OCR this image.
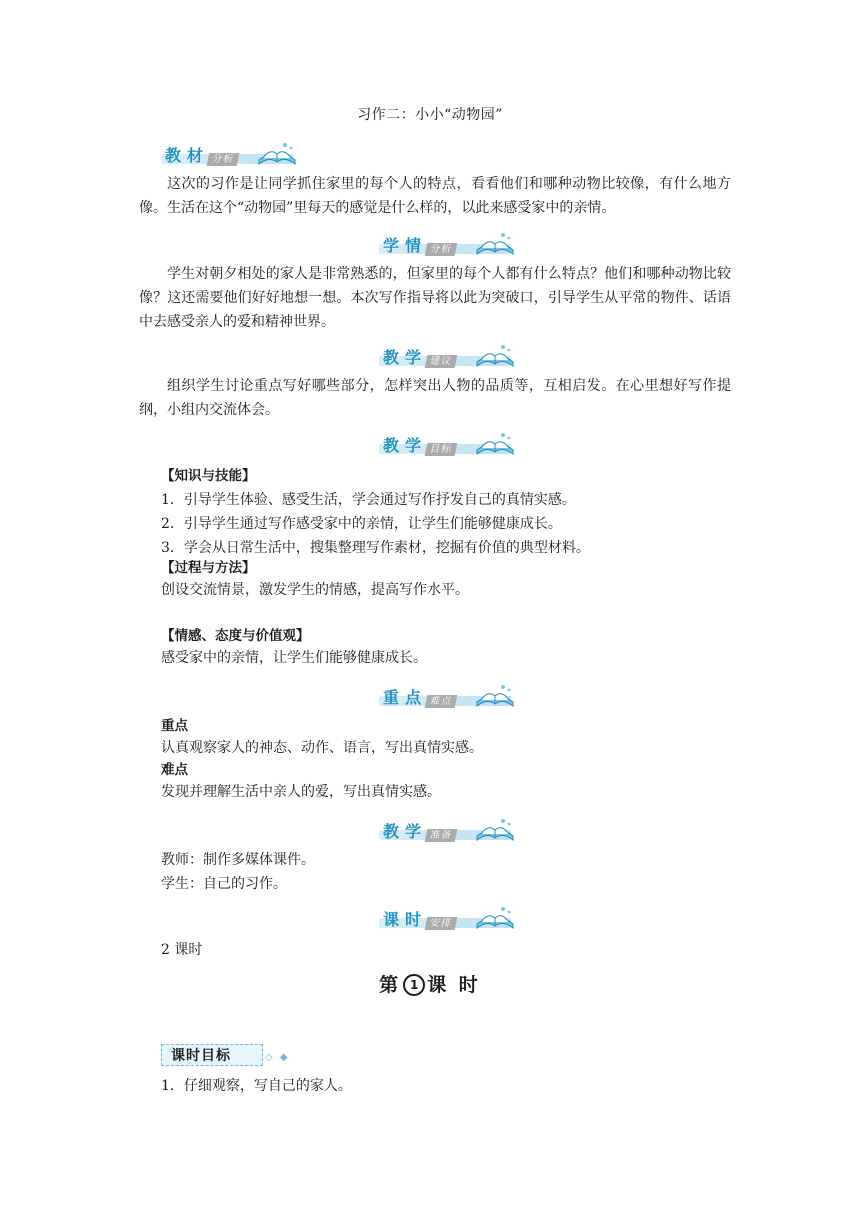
习作二：小小“动物园”
教 材 分析

这次的习作是让同学抓住家里的每个人的特点，看看他们和哪种动物比较像，有什么地方像。生活在这个“动物园”里每天的感觉是什么样的，以此来感受家中的亲情。

学 情 分析

学生对朝夕相处的家人是非常熟悉的，但家里的每个人都有什么特点？他们和哪种动物比较像？这还需要他们好好地想一想。本次写作指导将以此为突破口，引导学生从平常的物件、话语中去感受亲人的爱和精神世界。

教 学 建议

组织学生讨论重点写好哪些部分，怎样突出人物的品质等，互相启发。在心里想好写作提纲，小组内交流体会。

教 学 目标
【知识与技能】
1．引导学生体验、感受生活，学会通过写作抒发自己的真情实感。
2．引导学生通过写作感受家中的亲情，让学生们能够健康成长。
3．学会从日常生活中，搜集整理写作素材，挖掘有价值的典型材料。
【过程与方法】
创设交流情景，激发学生的情感，提高写作水平。
【情感、态度与价值观】
感受家中的亲情，让学生们能够健康成长。
重 点 难点
重点
认真观察家人的神态、动作、语言，写出真情实感。
难点
发现并理解生活中亲人的爱，写出真情实感。
教 学 准备
教师：制作多媒体课件。
学生：自己的习作。
课 时 安排
2 课时
第 1 课 时
课时目标	◇ ◆
1．仔细观察，写自己的家人。
